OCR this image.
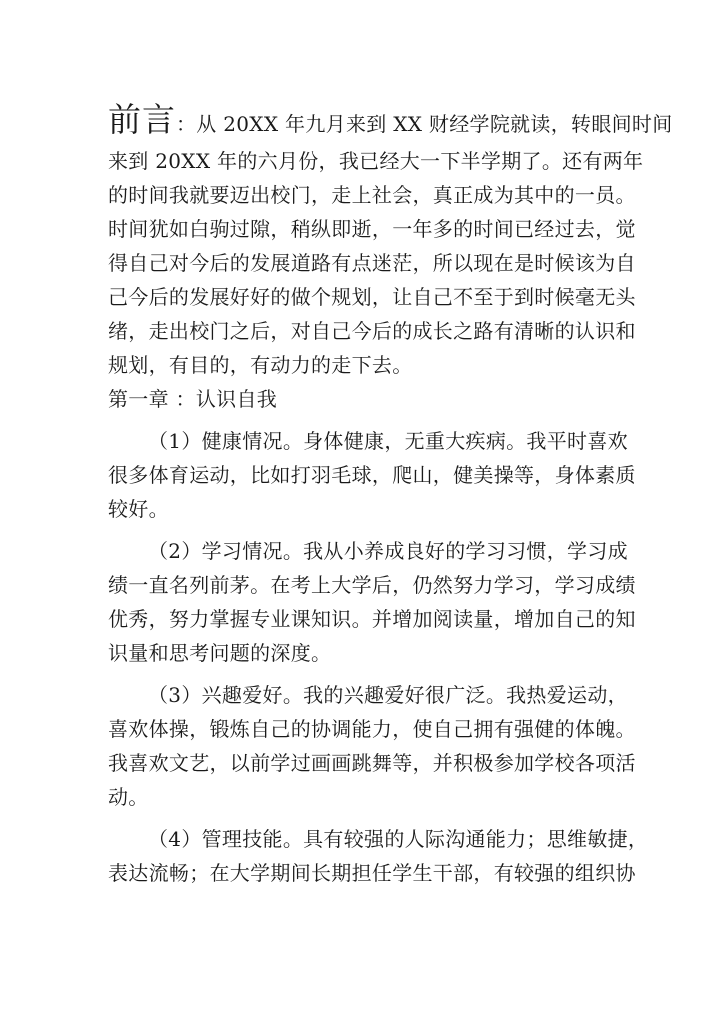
前言：从 20XX 年九月来到 XX 财经学院就读，转眼间时间
来到 20XX 年的六月份，我已经大一下半学期了。还有两年
的时间我就要迈出校门，走上社会，真正成为其中的一员。
时间犹如白驹过隙，稍纵即逝，一年多的时间已经过去，觉
得自己对今后的发展道路有点迷茫，所以现在是时候该为自
己今后的发展好好的做个规划，让自己不至于到时候毫无头
绪，走出校门之后，对自己今后的成长之路有清晰的认识和
规划，有目的，有动力的走下去。
第一章 ：认识自我
（1）健康情况。身体健康，无重大疾病。我平时喜欢
很多体育运动，比如打羽毛球，爬山，健美操等，身体素质
较好。
（2）学习情况。我从小养成良好的学习习惯，学习成
绩一直名列前茅。在考上大学后，仍然努力学习，学习成绩
优秀，努力掌握专业课知识。并增加阅读量，增加自己的知
识量和思考问题的深度。
（3）兴趣爱好。我的兴趣爱好很广泛。我热爱运动，
喜欢体操，锻炼自己的协调能力，使自己拥有强健的体魄。
我喜欢文艺，以前学过画画跳舞等，并积极参加学校各项活
动。
（4）管理技能。具有较强的人际沟通能力；思维敏捷，
表达流畅；在大学期间长期担任学生干部，有较强的组织协
